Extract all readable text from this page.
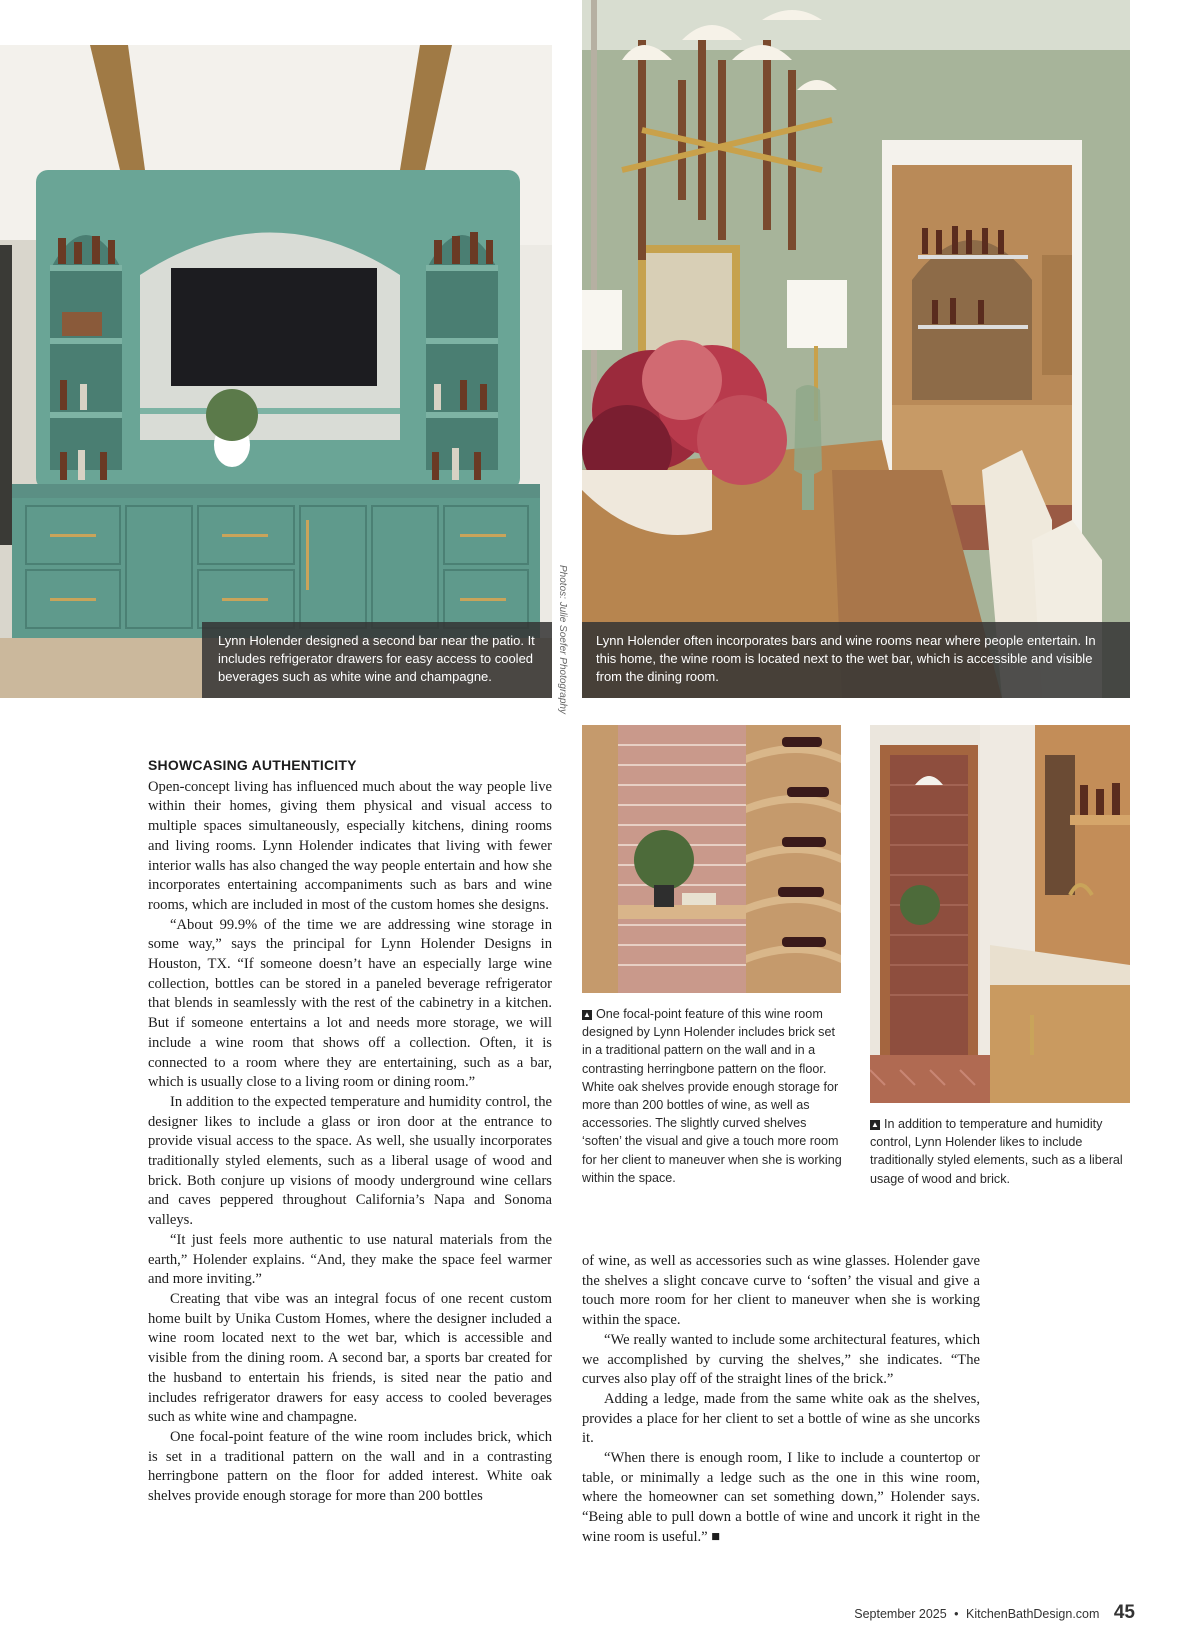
Lynn Holender designed a second bar near the patio. It includes refrigerator drawers for easy access to cooled beverages such as white wine and champagne.	Photos: Julie Soefer Photography	Lynn Holender often incorporates bars and wine rooms near where people entertain. In this home, the wine room is located next to the wet bar, which is accessible and visible from the dining room.
▲ One focal-point feature of this wine room designed by Lynn Holender includes brick set in a traditional pattern on the wall and in a contrasting herringbone pattern on the floor. White oak shelves provide enough storage for more than 200 bottles of wine, as well as accessories. The slightly curved shelves ‘soften’ the visual and give a touch more room for her client to maneuver when she is working within the space.
▲ In addition to temperature and humidity control, Lynn Holender likes to include traditionally styled elements, such as a liberal usage of wood and brick.
SHOWCASING AUTHENTICITY

Open-concept living has influenced much about the way people live within their homes, giving them physical and visual access to multiple spaces simultaneously, especially kitchens, dining rooms and living rooms. Lynn Holender indicates that living with fewer interior walls has also changed the way people entertain and how she incorporates entertaining accompaniments such as bars and wine rooms, which are included in most of the custom homes she designs.

“About 99.9% of the time we are addressing wine storage in some way,” says the principal for Lynn Holender Designs in Houston, TX. “If someone doesn’t have an especially large wine collection, bottles can be stored in a paneled beverage refrigerator that blends in seamlessly with the rest of the cabinetry in a kitchen. But if someone entertains a lot and needs more storage, we will include a wine room that shows off a collection. Often, it is connected to a room where they are entertaining, such as a bar, which is usually close to a living room or dining room.”

In addition to the expected temperature and humidity control, the designer likes to include a glass or iron door at the entrance to provide visual access to the space. As well, she usually incorporates traditionally styled elements, such as a liberal usage of wood and brick. Both conjure up visions of moody underground wine cellars and caves peppered throughout California’s Napa and Sonoma valleys.

“It just feels more authentic to use natural materials from the earth,” Holender explains. “And, they make the space feel warmer and more inviting.”

Creating that vibe was an integral focus of one recent custom home built by Unika Custom Homes, where the designer included a wine room located next to the wet bar, which is accessible and visible from the dining room. A second bar, a sports bar created for the husband to entertain his friends, is sited near the patio and includes refrigerator drawers for easy access to cooled beverages such as white wine and champagne.

One focal-point feature of the wine room includes brick, which is set in a traditional pattern on the wall and in a contrasting herringbone pattern on the floor for added interest. White oak shelves provide enough storage for more than 200 bottles

of wine, as well as accessories such as wine glasses. Holender gave the shelves a slight concave curve to ‘soften’ the visual and give a touch more room for her client to maneuver when she is working within the space.

“We really wanted to include some architectural features, which we accomplished by curving the shelves,” she indicates. “The curves also play off of the straight lines of the brick.”

Adding a ledge, made from the same white oak as the shelves, provides a place for her client to set a bottle of wine as she uncorks it.

“When there is enough room, I like to include a countertop or table, or minimally a ledge such as the one in this wine room, where the homeowner can set something down,” Holender says. “Being able to pull down a bottle of wine and uncork it right in the wine room is useful.” ■

September 2025 • KitchenBathDesign.com 45
